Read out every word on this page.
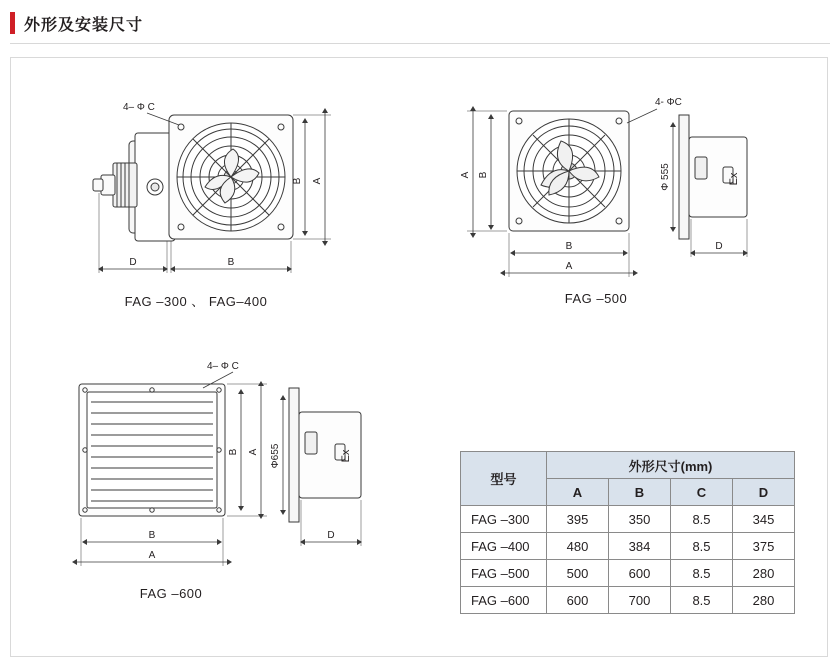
外形及安装尺寸
4– Φ C
B A
B
D
FAG –300 、 FAG–400
4- ΦC
A B
B
A
D
Φ 555	Ex
FAG –500
4– Φ C
B A
B
A
D
Φ655	Ex
FAG –600
型号	外形尺寸(mm)			
	A	B	C	D
FAG –300	395	350	8.5	345
FAG –400	480	384	8.5	375
FAG –500	500	600	8.5	280
FAG –600	600	700	8.5	280
